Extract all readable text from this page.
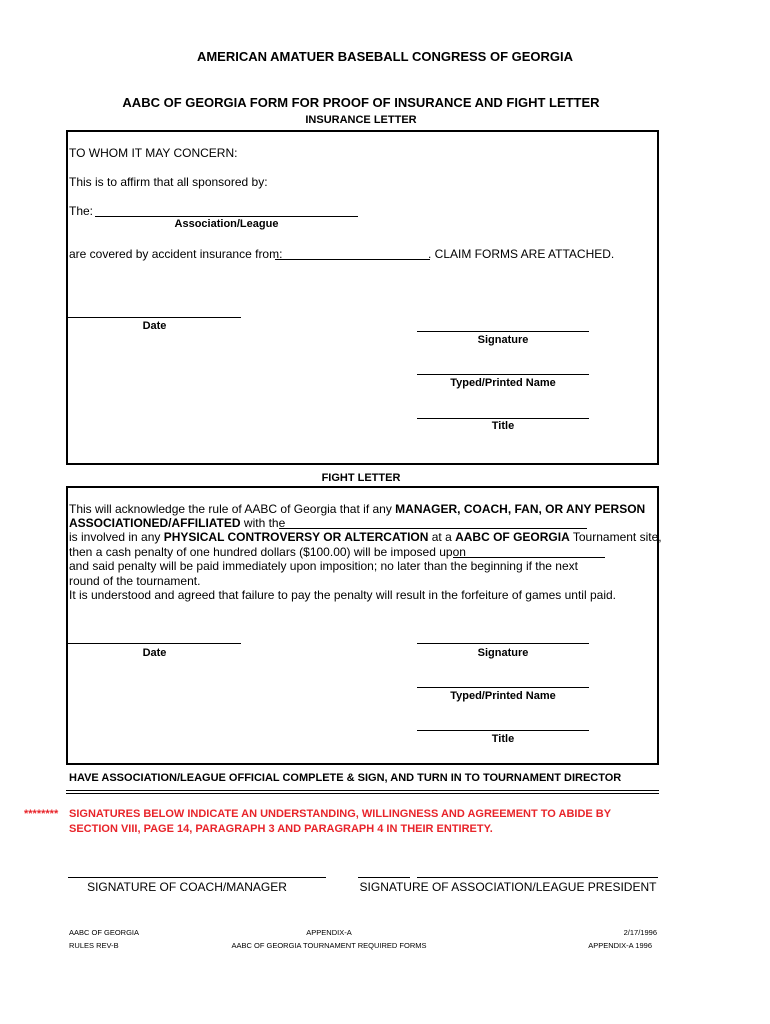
AMERICAN AMATUER BASEBALL CONGRESS OF GEORGIA
AABC OF GEORGIA FORM FOR PROOF OF INSURANCE AND FIGHT LETTER
INSURANCE LETTER
TO WHOM IT MAY CONCERN:
This is to affirm that all sponsored by:
The:
Association/League
are covered by accident insurance from:	. CLAIM FORMS ARE ATTACHED.
Date
Signature
Typed/Printed Name
Title
FIGHT LETTER
This will acknowledge the rule of AABC of Georgia that if any MANAGER, COACH, FAN, OR ANY PERSON
ASSOCIATIONED/AFFILIATED with the
is involved in any PHYSICAL CONTROVERSY OR ALTERCATION at a AABC OF GEORGIA Tournament site,
then a cash penalty of one hundred dollars ($100.00) will be imposed upon
and said penalty will be paid immediately upon imposition; no later than the beginning if the next
round of the tournament.
It is understood and agreed that failure to pay the penalty will result in the forfeiture of games until paid.
Date	Signature
Typed/Printed Name
Title
HAVE ASSOCIATION/LEAGUE OFFICIAL COMPLETE & SIGN, AND TURN IN TO TOURNAMENT DIRECTOR
******** SIGNATURES BELOW INDICATE AN UNDERSTANDING, WILLINGNESS AND AGREEMENT TO ABIDE BY
SECTION VIII, PAGE 14, PARAGRAPH 3 AND PARAGRAPH 4 IN THEIR ENTIRETY.
SIGNATURE OF COACH/MANAGER	SIGNATURE OF ASSOCIATION/LEAGUE PRESIDENT
AABC OF GEORGIA
RULES REV-B
APPENDIX-A
AABC OF GEORGIA TOURNAMENT REQUIRED FORMS
2/17/1996
APPENDIX-A 1996
